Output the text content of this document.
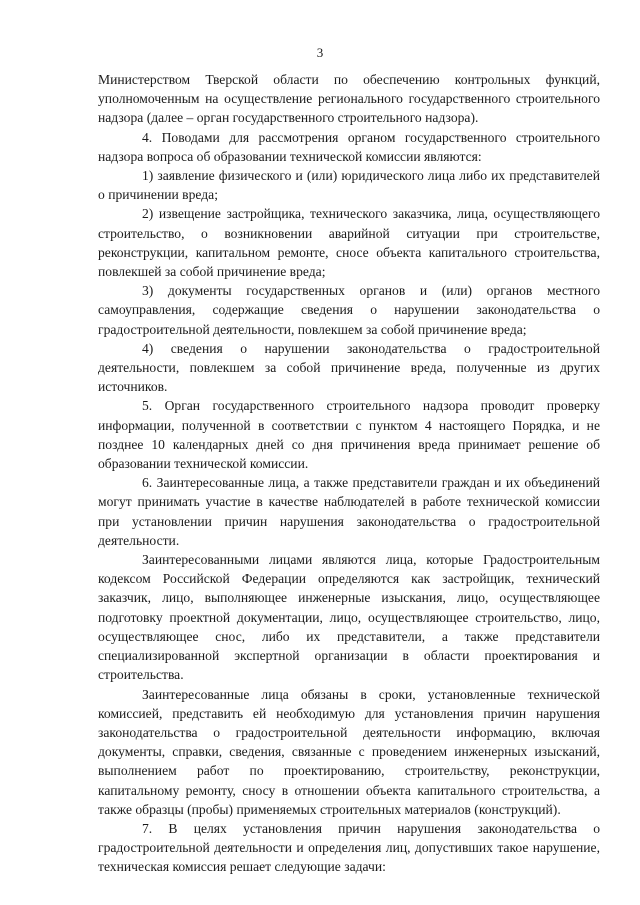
3

Министерством Тверской области по обеспечению контрольных функций, уполномоченным на осуществление регионального государственного строительного надзора (далее – орган государственного строительного надзора).

4. Поводами для рассмотрения органом государственного строительного надзора вопроса об образовании технической комиссии являются:

1) заявление физического и (или) юридического лица либо их представителей о причинении вреда;

2) извещение застройщика, технического заказчика, лица, осуществляющего строительство, о возникновении аварийной ситуации при строительстве, реконструкции, капитальном ремонте, сносе объекта капитального строительства, повлекшей за собой причинение вреда;

3) документы государственных органов и (или) органов местного самоуправления, содержащие сведения о нарушении законодательства о градостроительной деятельности, повлекшем за собой причинение вреда;

4) сведения о нарушении законодательства о градостроительной деятельности, повлекшем за собой причинение вреда, полученные из других источников.

5. Орган государственного строительного надзора проводит проверку информации, полученной в соответствии с пунктом 4 настоящего Порядка, и не позднее 10 календарных дней со дня причинения вреда принимает решение об образовании технической комиссии.

6. Заинтересованные лица, а также представители граждан и их объединений могут принимать участие в качестве наблюдателей в работе технической комиссии при установлении причин нарушения законодательства о градостроительной деятельности.

Заинтересованными лицами являются лица, которые Градостроительным кодексом Российской Федерации определяются как застройщик, технический заказчик, лицо, выполняющее инженерные изыскания, лицо, осуществляющее подготовку проектной документации, лицо, осуществляющее строительство, лицо, осуществляющее снос, либо их представители, а также представители специализированной экспертной организации в области проектирования и строительства.

Заинтересованные лица обязаны в сроки, установленные технической комиссией, представить ей необходимую для установления причин нарушения законодательства о градостроительной деятельности информацию, включая документы, справки, сведения, связанные с проведением инженерных изысканий, выполнением работ по проектированию, строительству, реконструкции, капитальному ремонту, сносу в отношении объекта капитального строительства, а также образцы (пробы) применяемых строительных материалов (конструкций).

7. В целях установления причин нарушения законодательства о градостроительной деятельности и определения лиц, допустивших такое нарушение, техническая комиссия решает следующие задачи:
